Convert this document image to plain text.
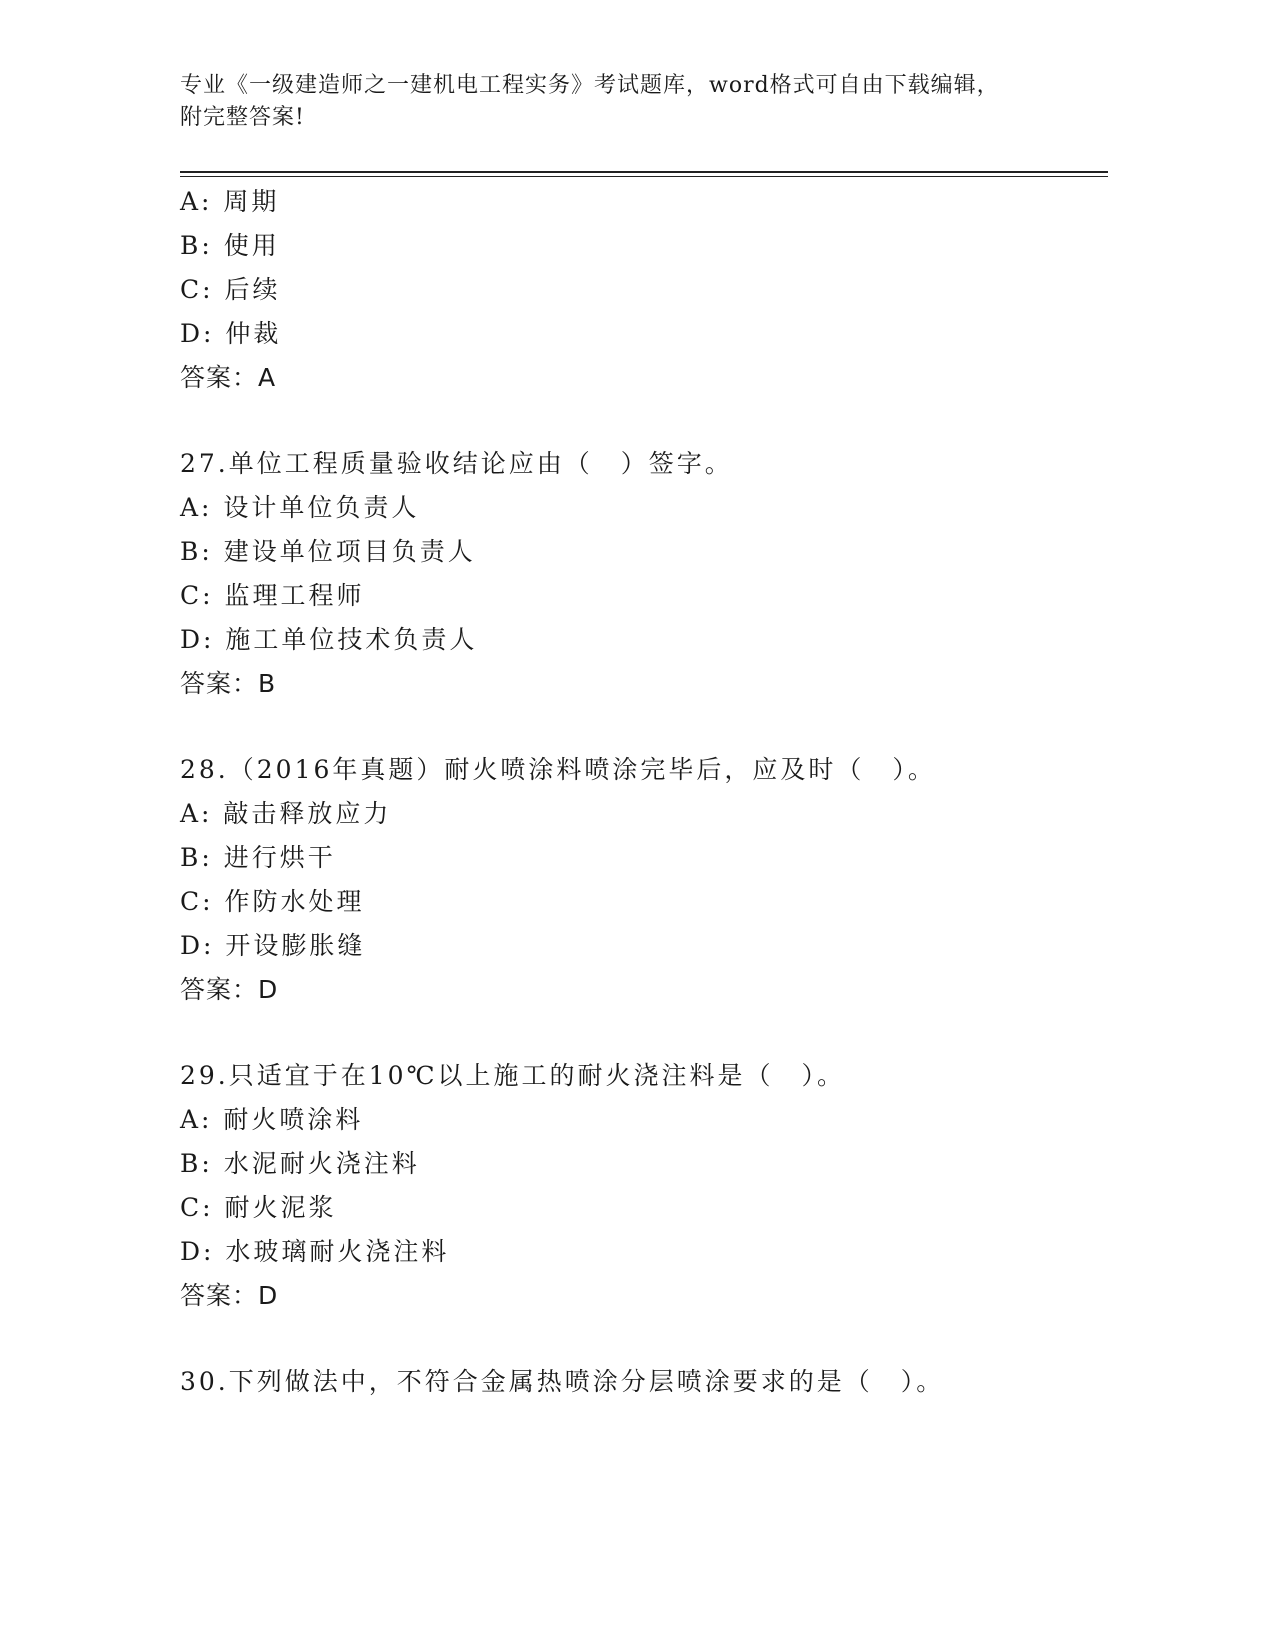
专业《一级建造师之一建机电工程实务》考试题库，word格式可自由下载编辑，
附完整答案!
A: 周期
B: 使用
C: 后续
D: 仲裁
答案：A
27.单位工程质量验收结论应由（　）签字。
A: 设计单位负责人
B: 建设单位项目负责人
C: 监理工程师
D: 施工单位技术负责人
答案：B
28.（2016年真题）耐火喷涂料喷涂完毕后，应及时（　）。
A: 敲击释放应力
B: 进行烘干
C: 作防水处理
D: 开设膨胀缝
答案：D
29.只适宜于在10℃以上施工的耐火浇注料是（　）。
A: 耐火喷涂料
B: 水泥耐火浇注料
C: 耐火泥浆
D: 水玻璃耐火浇注料
答案：D
30.下列做法中，不符合金属热喷涂分层喷涂要求的是（　）。
